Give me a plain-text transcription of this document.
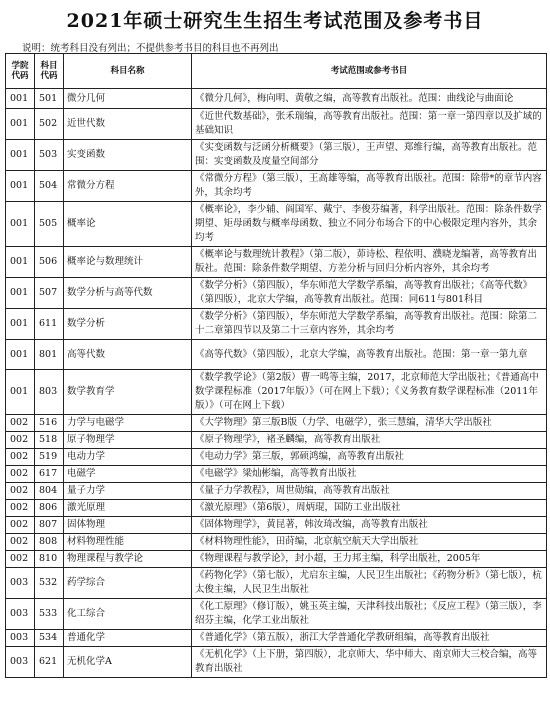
2021年硕士研究生生招生考试范围及参考书目
说明：统考科目没有列出；不提供参考书目的科目也不再列出
学院代码	科目代码	科目名称	考试范围或参考书目
001	501	微分几何	《微分几何》，梅向明、黄敬之编，高等教育出版社。范围：曲线论与曲面论
001	502	近世代数	《近世代数基础》，张禾瑞编，高等教育出版社。范围：第一章一第四章以及扩域的基础知识
001	503	实变函数	《实变函数与泛函分析概要》（第三版），王声望、郑维行编，高等教育出版社。范围：实变函数及度量空间部分
001	504	常微分方程	《常微分方程》（第三版），王高雄等编，高等教育出版社。范围：除带*的章节内容外，其余均考
001	505	概率论	《概率论》，李少辅、阎国军、戴宁、李俊芬编著，科学出版社。范围：除条件数学期望、矩母函数与概率母函数、独立不同分布场合下的中心极限定理内容外，其余均考
001	506	概率论与数理统计	《概率论与数理统计教程》（第二版），茆诗松、程依明、濮晓龙编著，高等教育出版社。范围：除条件数学期望、方差分析与回归分析内容外，其余均考
001	507	数学分析与高等代数	《数学分析》（第四版），华东师范大学数学系编，高等教育出版社；《高等代数》（第四版），北京大学编，高等教育出版社。范围：同611与801科目
001	611	数学分析	《数学分析》（第四版），华东师范大学数学系编，高等教育出版社。范围：除第二十二章第四节以及第二十三章内容外，其余均考
001	801	高等代数	《高等代数》（第四版），北京大学编，高等教育出版社。范围：第一章一第九章
001	803	数学教育学	《数学教学论》（第2版）曹一鸣等主编，2017，北京师范大学出版社；《普通高中数学课程标准（2017年版）》（可在网上下载）；《义务教育数学课程标准（2011年版）》（可在网上下载）
002	516	力学与电磁学	《大学物理》第三版B版（力学、电磁学），张三慧编，清华大学出版社
002	518	原子物理学	《原子物理学》，褚圣麟编，高等教育出版社
002	519	电动力学	《电动力学》第三版，郭硕鸿编，高等教育出版社
002	617	电磁学	《电磁学》梁灿彬编，高等教育出版社
002	804	量子力学	《量子力学教程》，周世勋编，高等教育出版社
002	806	激光原理	《激光原理》（第6版），周炳琨，国防工业出版社
002	807	固体物理	《固体物理学》，黄昆著，韩汝琦改编，高等教育出版社
002	808	材料物理性能	《材料物理性能》，田莳编，北京航空航天大学出版社
002	810	物理课程与教学论	《物理课程与教学论》，封小超，王力邦主编，科学出版社，2005年
003	532	药学综合	《药物化学》（第七版），尤启东主编，人民卫生出版社；《药物分析》（第七版），杭太俊主编，人民卫生出版社
003	533	化工综合	《化工原理》（修订版），姚玉英主编，天津科技出版社；《反应工程》（第三版），李绍芬主编，化学工业出版社
003	534	普通化学	《普通化学》（第五版），浙江大学普通化学教研组编，高等教育出版社
003	621	无机化学A	《无机化学》（上下册，第四版），北京师大、华中师大、南京师大三校合编，高等教育出版社
